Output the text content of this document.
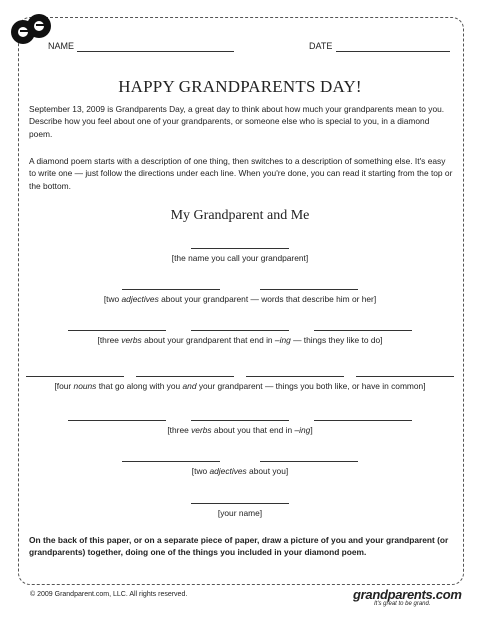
NAME	DATE
HAPPY GRANDPARENTS DAY!

September 13, 2009 is Grandparents Day, a great day to think about how much your grandparents mean to you. Describe how you feel about one of your grandparents, or someone else who is special to you, in a diamond poem.

A diamond poem starts with a description of one thing, then switches to a description of something else. It's easy to write one — just follow the directions under each line. When you're done, you can read it starting from the top or the bottom.

My Grandparent and Me
[the name you call your grandparent]
[two adjectives about your grandparent — words that describe him or her]
[three verbs about your grandparent that end in –ing — things they like to do]
[four nouns that go along with you and your grandparent — things you both like, or have in common]
[three verbs about you that end in –ing]
[two adjectives about you]
[your name]

On the back of this paper, or on a separate piece of paper, draw a picture of you and your grandparent (or grandparents) together, doing one of the things you included in your diamond poem.

© 2009 Grandparent.com, LLC. All rights reserved.	grandparents.com
It's great to be grand.
